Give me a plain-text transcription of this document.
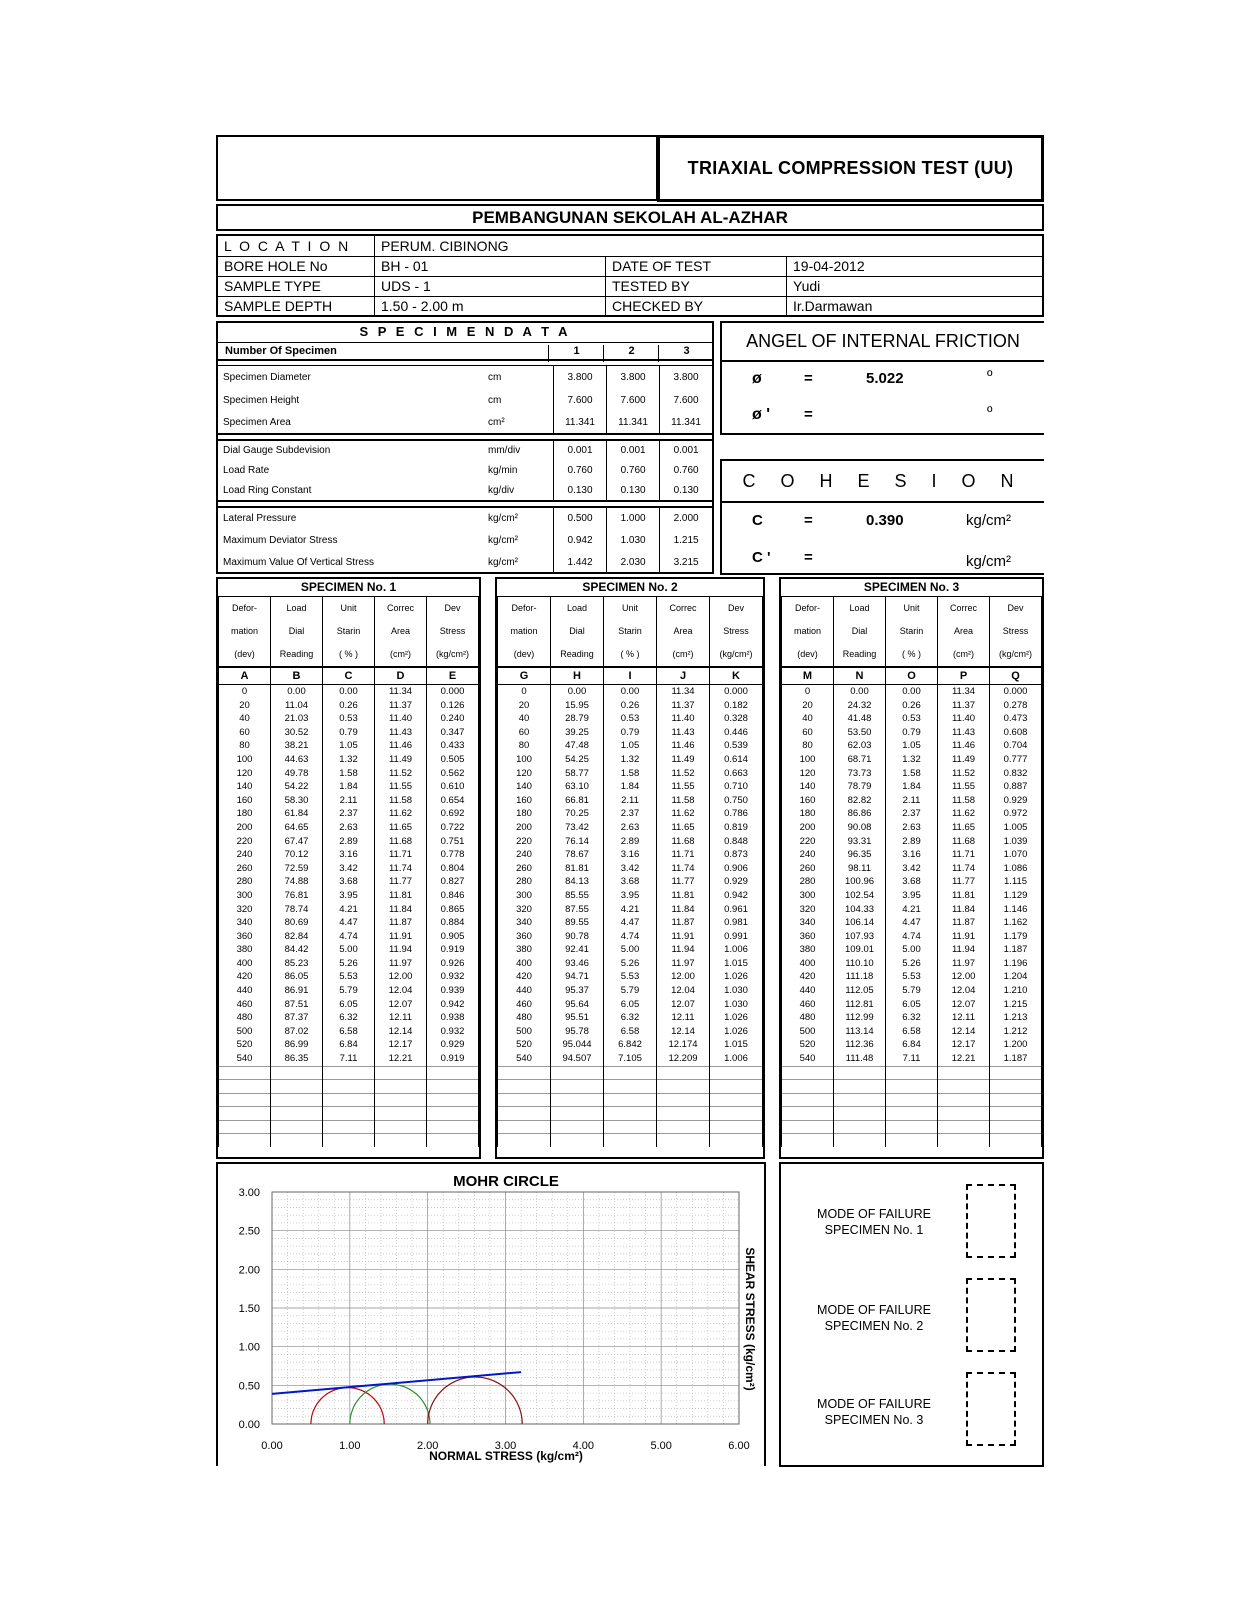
TRIAXIAL COMPRESSION TEST (UU)
PEMBANGUNAN SEKOLAH AL-AZHAR
L O C A T I O N	PERUM. CIBINONG		
BORE HOLE No	BH - 01	DATE OF TEST	19-04-2012
SAMPLE TYPE	UDS - 1	TESTED BY	Yudi
SAMPLE DEPTH	1.50 - 2.00 m	CHECKED BY	Ir.Darmawan
S P E C I M E N D A T A
Number Of Specimen	1	2	3
Specimen Diameter	cm	3.800	3.800	3.800
Specimen Height	cm	7.600	7.600	7.600
Specimen Area	cm²	11.341	11.341	11.341
Dial Gauge Subdevision	mm/div	0.001	0.001	0.001
Load Rate	kg/min	0.760	0.760	0.760
Load Ring Constant	kg/div	0.130	0.130	0.130
Lateral Pressure	kg/cm²	0.500	1.000	2.000
Maximum Deviator Stress	kg/cm²	0.942	1.030	1.215
Maximum Value Of Vertical Stress	kg/cm²	1.442	2.030	3.215
ANGEL OF INTERNAL FRICTION
ø	=	5.022	º
ø ' =	º
C O H E S I O N
C	=	0.390	kg/cm²
C ' =	kg/cm²
SPECIMEN No. 1
Defor-	Load	Unit	Correc	Dev
mation	Dial	Starin	Area	Stress
(dev)	Reading	( % )	(cm²)	(kg/cm²)
A	B	C	D	E
0	0.00	0.00	11.34	0.000
20	11.04	0.26	11.37	0.126
40	21.03	0.53	11.40	0.240
60	30.52	0.79	11.43	0.347
80	38.21	1.05	11.46	0.433
100	44.63	1.32	11.49	0.505
120	49.78	1.58	11.52	0.562
140	54.22	1.84	11.55	0.610
160	58.30	2.11	11.58	0.654
180	61.84	2.37	11.62	0.692
200	64.65	2.63	11.65	0.722
220	67.47	2.89	11.68	0.751
240	70.12	3.16	11.71	0.778
260	72.59	3.42	11.74	0.804
280	74.88	3.68	11.77	0.827
300	76.81	3.95	11.81	0.846
320	78.74	4.21	11.84	0.865
340	80.69	4.47	11.87	0.884
360	82.84	4.74	11.91	0.905
380	84.42	5.00	11.94	0.919
400	85.23	5.26	11.97	0.926
420	86.05	5.53	12.00	0.932
440	86.91	5.79	12.04	0.939
460	87.51	6.05	12.07	0.942
480	87.37	6.32	12.11	0.938
500	87.02	6.58	12.14	0.932
520	86.99	6.84	12.17	0.929
540	86.35	7.11	12.21	0.919

SPECIMEN No. 2
Defor-	Load	Unit	Correc	Dev
mation	Dial	Starin	Area	Stress
(dev)	Reading	( % )	(cm²)	(kg/cm²)
G	H	I	J	K
0	0.00	0.00	11.34	0.000
20	15.95	0.26	11.37	0.182
40	28.79	0.53	11.40	0.328
60	39.25	0.79	11.43	0.446
80	47.48	1.05	11.46	0.539
100	54.25	1.32	11.49	0.614
120	58.77	1.58	11.52	0.663
140	63.10	1.84	11.55	0.710
160	66.81	2.11	11.58	0.750
180	70.25	2.37	11.62	0.786
200	73.42	2.63	11.65	0.819
220	76.14	2.89	11.68	0.848
240	78.67	3.16	11.71	0.873
260	81.81	3.42	11.74	0.906
280	84.13	3.68	11.77	0.929
300	85.55	3.95	11.81	0.942
320	87.55	4.21	11.84	0.961
340	89.55	4.47	11.87	0.981
360	90.78	4.74	11.91	0.991
380	92.41	5.00	11.94	1.006
400	93.46	5.26	11.97	1.015
420	94.71	5.53	12.00	1.026
440	95.37	5.79	12.04	1.030
460	95.64	6.05	12.07	1.030
480	95.51	6.32	12.11	1.026
500	95.78	6.58	12.14	1.026
520	95.044	6.842	12.174	1.015
540	94.507	7.105	12.209	1.006

SPECIMEN No. 3
Defor-	Load	Unit	Correc	Dev
mation	Dial	Starin	Area	Stress
(dev)	Reading	( % )	(cm²)	(kg/cm²)
M	N	O	P	Q
0	0.00	0.00	11.34	0.000
20	24.32	0.26	11.37	0.278
40	41.48	0.53	11.40	0.473
60	53.50	0.79	11.43	0.608
80	62.03	1.05	11.46	0.704
100	68.71	1.32	11.49	0.777
120	73.73	1.58	11.52	0.832
140	78.79	1.84	11.55	0.887
160	82.82	2.11	11.58	0.929
180	86.86	2.37	11.62	0.972
200	90.08	2.63	11.65	1.005
220	93.31	2.89	11.68	1.039
240	96.35	3.16	11.71	1.070
260	98.11	3.42	11.74	1.086
280	100.96	3.68	11.77	1.115
300	102.54	3.95	11.81	1.129
320	104.33	4.21	11.84	1.146
340	106.14	4.47	11.87	1.162
360	107.93	4.74	11.91	1.179
380	109.01	5.00	11.94	1.187
400	110.10	5.26	11.97	1.196
420	111.18	5.53	12.00	1.204
440	112.05	5.79	12.04	1.210
460	112.81	6.05	12.07	1.215
480	112.99	6.32	12.11	1.213
500	113.14	6.58	12.14	1.212
520	112.36	6.84	12.17	1.200
540	111.48	7.11	12.21	1.187

0.00	1.00	2.00	3.00	4.00	5.00	6.00
0.00
0.50
1.00
1.50
2.00
2.50
3.00
MOHR CIRCLE
NORMAL STRESS (kg/cm²)
SHEAR STRESS (kg/cm²)
MODE OF FAILURE
SPECIMEN No. 1
MODE OF FAILURE
SPECIMEN No. 2
MODE OF FAILURE
SPECIMEN No. 3
